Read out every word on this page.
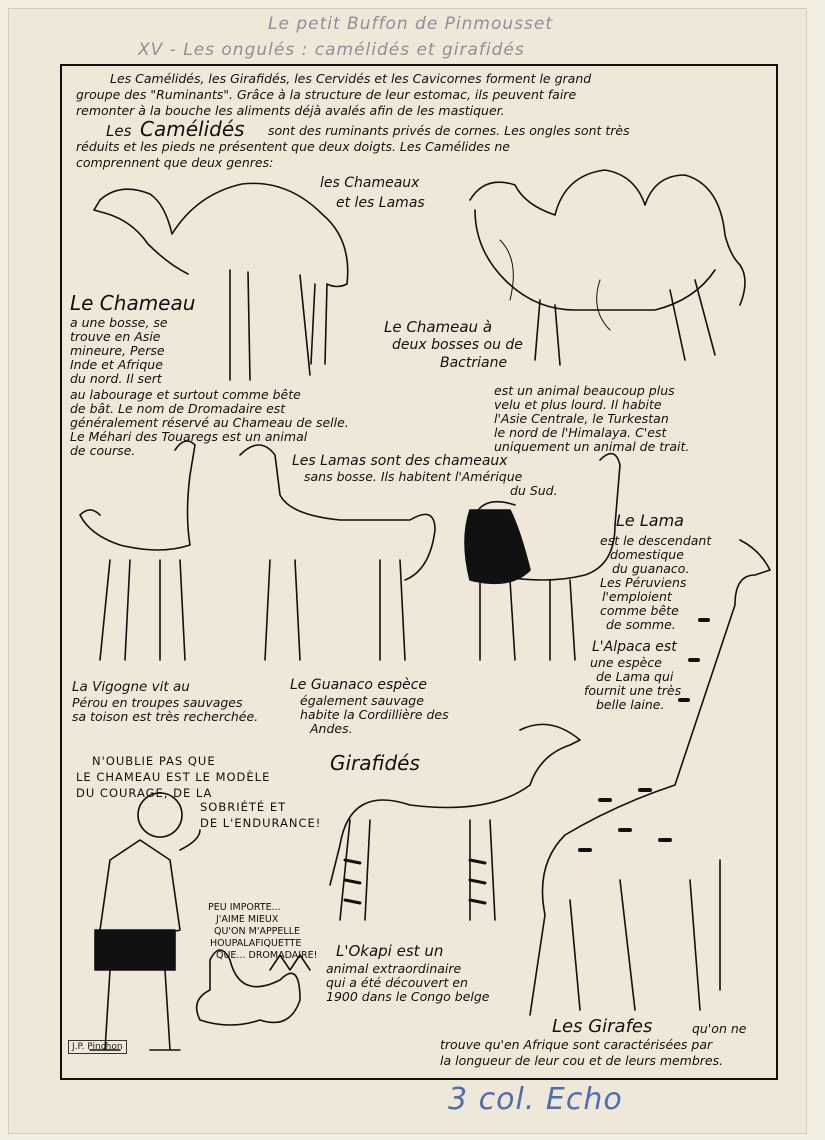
Le petit Buffon de Pinmousset
XV - Les ongulés : camélidés et girafidés
Les Camélidés, les Girafidés, les Cervidés et les Cavicornes forment le grand
groupe des "Ruminants". Grâce à la structure de leur estomac, ils peuvent faire
remonter à la bouche les aliments déjà avalés afin de les mastiquer.
Les Camélidés sont des ruminants privés de cornes. Les ongles sont très
réduits et les pieds ne présentent que deux doigts. Les Camélides ne
comprennent que deux genres:
les Chameaux
et les Lamas
Le Chameau
a une bosse, se
trouve en Asie
mineure, Perse
Inde et Afrique
du nord. Il sert
au labourage et surtout comme bête
de bât. Le nom de Dromadaire est
généralement réservé au Chameau de selle.
Le Méhari des Touaregs est un animal
de course.
Le Chameau à
deux bosses ou de
Bactriane
est un animal beaucoup plus
velu et plus lourd. Il habite
l'Asie Centrale, le Turkestan
le nord de l'Himalaya. C'est
uniquement un animal de trait.
Les Lamas sont des chameaux
sans bosse. Ils habitent l'Amérique
du Sud.
Le Lama
est le descendant
domestique
du guanaco.
Les Péruviens
l'emploient
comme bête
de somme.
L'Alpaca est
une espèce
de Lama qui
fournit une très
belle laine.
La Vigogne vit au
Pérou en troupes sauvages
sa toison est très recherchée.
Le Guanaco espèce
également sauvage
habite la Cordillière des
Andes.
N'OUBLIE PAS QUE
LE CHAMEAU EST LE MODÈLE
DU COURAGE, DE LA
SOBRIÉTÉ ET
DE L'ENDURANCE!
Girafidés
PEU IMPORTE...
J'AIME MIEUX
QU'ON M'APPELLE
HOUPALAFIQUETTE
QUE... DROMADAIRE! L'Okapi est un
animal extraordinaire
qui a été découvert en
1900 dans le Congo belge
Les Girafes	qu'on ne
trouve qu'en Afrique sont caractérisées par
la longueur de leur cou et de leurs membres.
J.P. Pinchon
3 col. Echo
